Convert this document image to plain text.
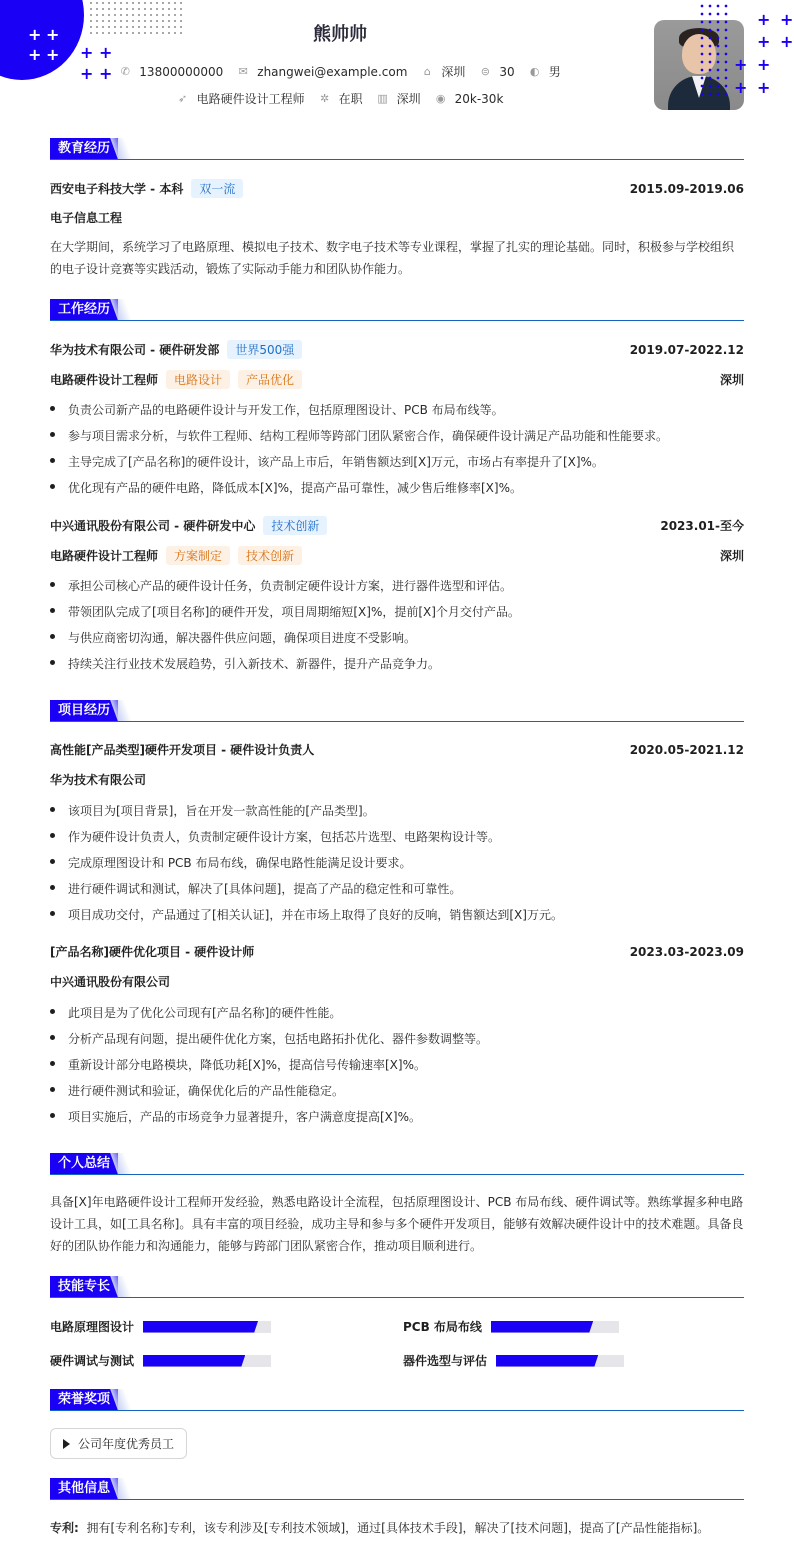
+ +
+ + + +
+ +
熊帅帅
✆ 13800000000 ✉ zhangwei@example.com ⌂ 深圳 ⊜ 30 ◐ 男
➶ 电路硬件设计工程师 ✲ 在职 ▥ 深圳 ◉ 20k-30k
+ +
+ +
+ +
+ +
教育经历
西安电子科技大学 - 本科	双一流	2015.09-2019.06
电子信息工程
在大学期间，系统学习了电路原理、模拟电子技术、数字电子技术等专业课程，掌握了扎实的理论基础。同时，积极参与学校组织的电子设计竞赛等实践活动，锻炼了实际动手能力和团队协作能力。
工作经历
华为技术有限公司 - 硬件研发部	世界500强	2019.07-2022.12
电路硬件设计工程师	电路设计	产品优化	深圳
负责公司新产品的电路硬件设计与开发工作，包括原理图设计、PCB 布局布线等。
参与项目需求分析，与软件工程师、结构工程师等跨部门团队紧密合作，确保硬件设计满足产品功能和性能要求。
主导完成了[产品名称]的硬件设计，该产品上市后，年销售额达到[X]万元，市场占有率提升了[X]%。
优化现有产品的硬件电路，降低成本[X]%，提高产品可靠性，减少售后维修率[X]%。
中兴通讯股份有限公司 - 硬件研发中心	技术创新	2023.01-至今
电路硬件设计工程师	方案制定	技术创新	深圳
承担公司核心产品的硬件设计任务，负责制定硬件设计方案，进行器件选型和评估。
带领团队完成了[项目名称]的硬件开发，项目周期缩短[X]%，提前[X]个月交付产品。
与供应商密切沟通，解决器件供应问题，确保项目进度不受影响。
持续关注行业技术发展趋势，引入新技术、新器件，提升产品竞争力。
项目经历
高性能[产品类型]硬件开发项目 - 硬件设计负责人	2020.05-2021.12
华为技术有限公司
该项目为[项目背景]，旨在开发一款高性能的[产品类型]。
作为硬件设计负责人，负责制定硬件设计方案，包括芯片选型、电路架构设计等。
完成原理图设计和 PCB 布局布线，确保电路性能满足设计要求。
进行硬件调试和测试，解决了[具体问题]，提高了产品的稳定性和可靠性。
项目成功交付，产品通过了[相关认证]，并在市场上取得了良好的反响，销售额达到[X]万元。
[产品名称]硬件优化项目 - 硬件设计师	2023.03-2023.09
中兴通讯股份有限公司
此项目是为了优化公司现有[产品名称]的硬件性能。
分析产品现有问题，提出硬件优化方案，包括电路拓扑优化、器件参数调整等。
重新设计部分电路模块，降低功耗[X]%，提高信号传输速率[X]%。
进行硬件测试和验证，确保优化后的产品性能稳定。
项目实施后，产品的市场竞争力显著提升，客户满意度提高[X]%。
个人总结
具备[X]年电路硬件设计工程师开发经验，熟悉电路设计全流程，包括原理图设计、PCB 布局布线、硬件调试等。熟练掌握多种电路设计工具，如[工具名称]。具有丰富的项目经验，成功主导和参与多个硬件开发项目，能够有效解决硬件设计中的技术难题。具备良好的团队协作能力和沟通能力，能够与跨部门团队紧密合作，推动项目顺利进行。
技能专长
电路原理图设计	PCB 布局布线
硬件调试与测试	器件选型与评估
荣誉奖项
公司年度优秀员工
其他信息
专利: 拥有[专利名称]专利，该专利涉及[专利技术领域]，通过[具体技术手段]，解决了[技术问题]，提高了[产品性能指标]。
